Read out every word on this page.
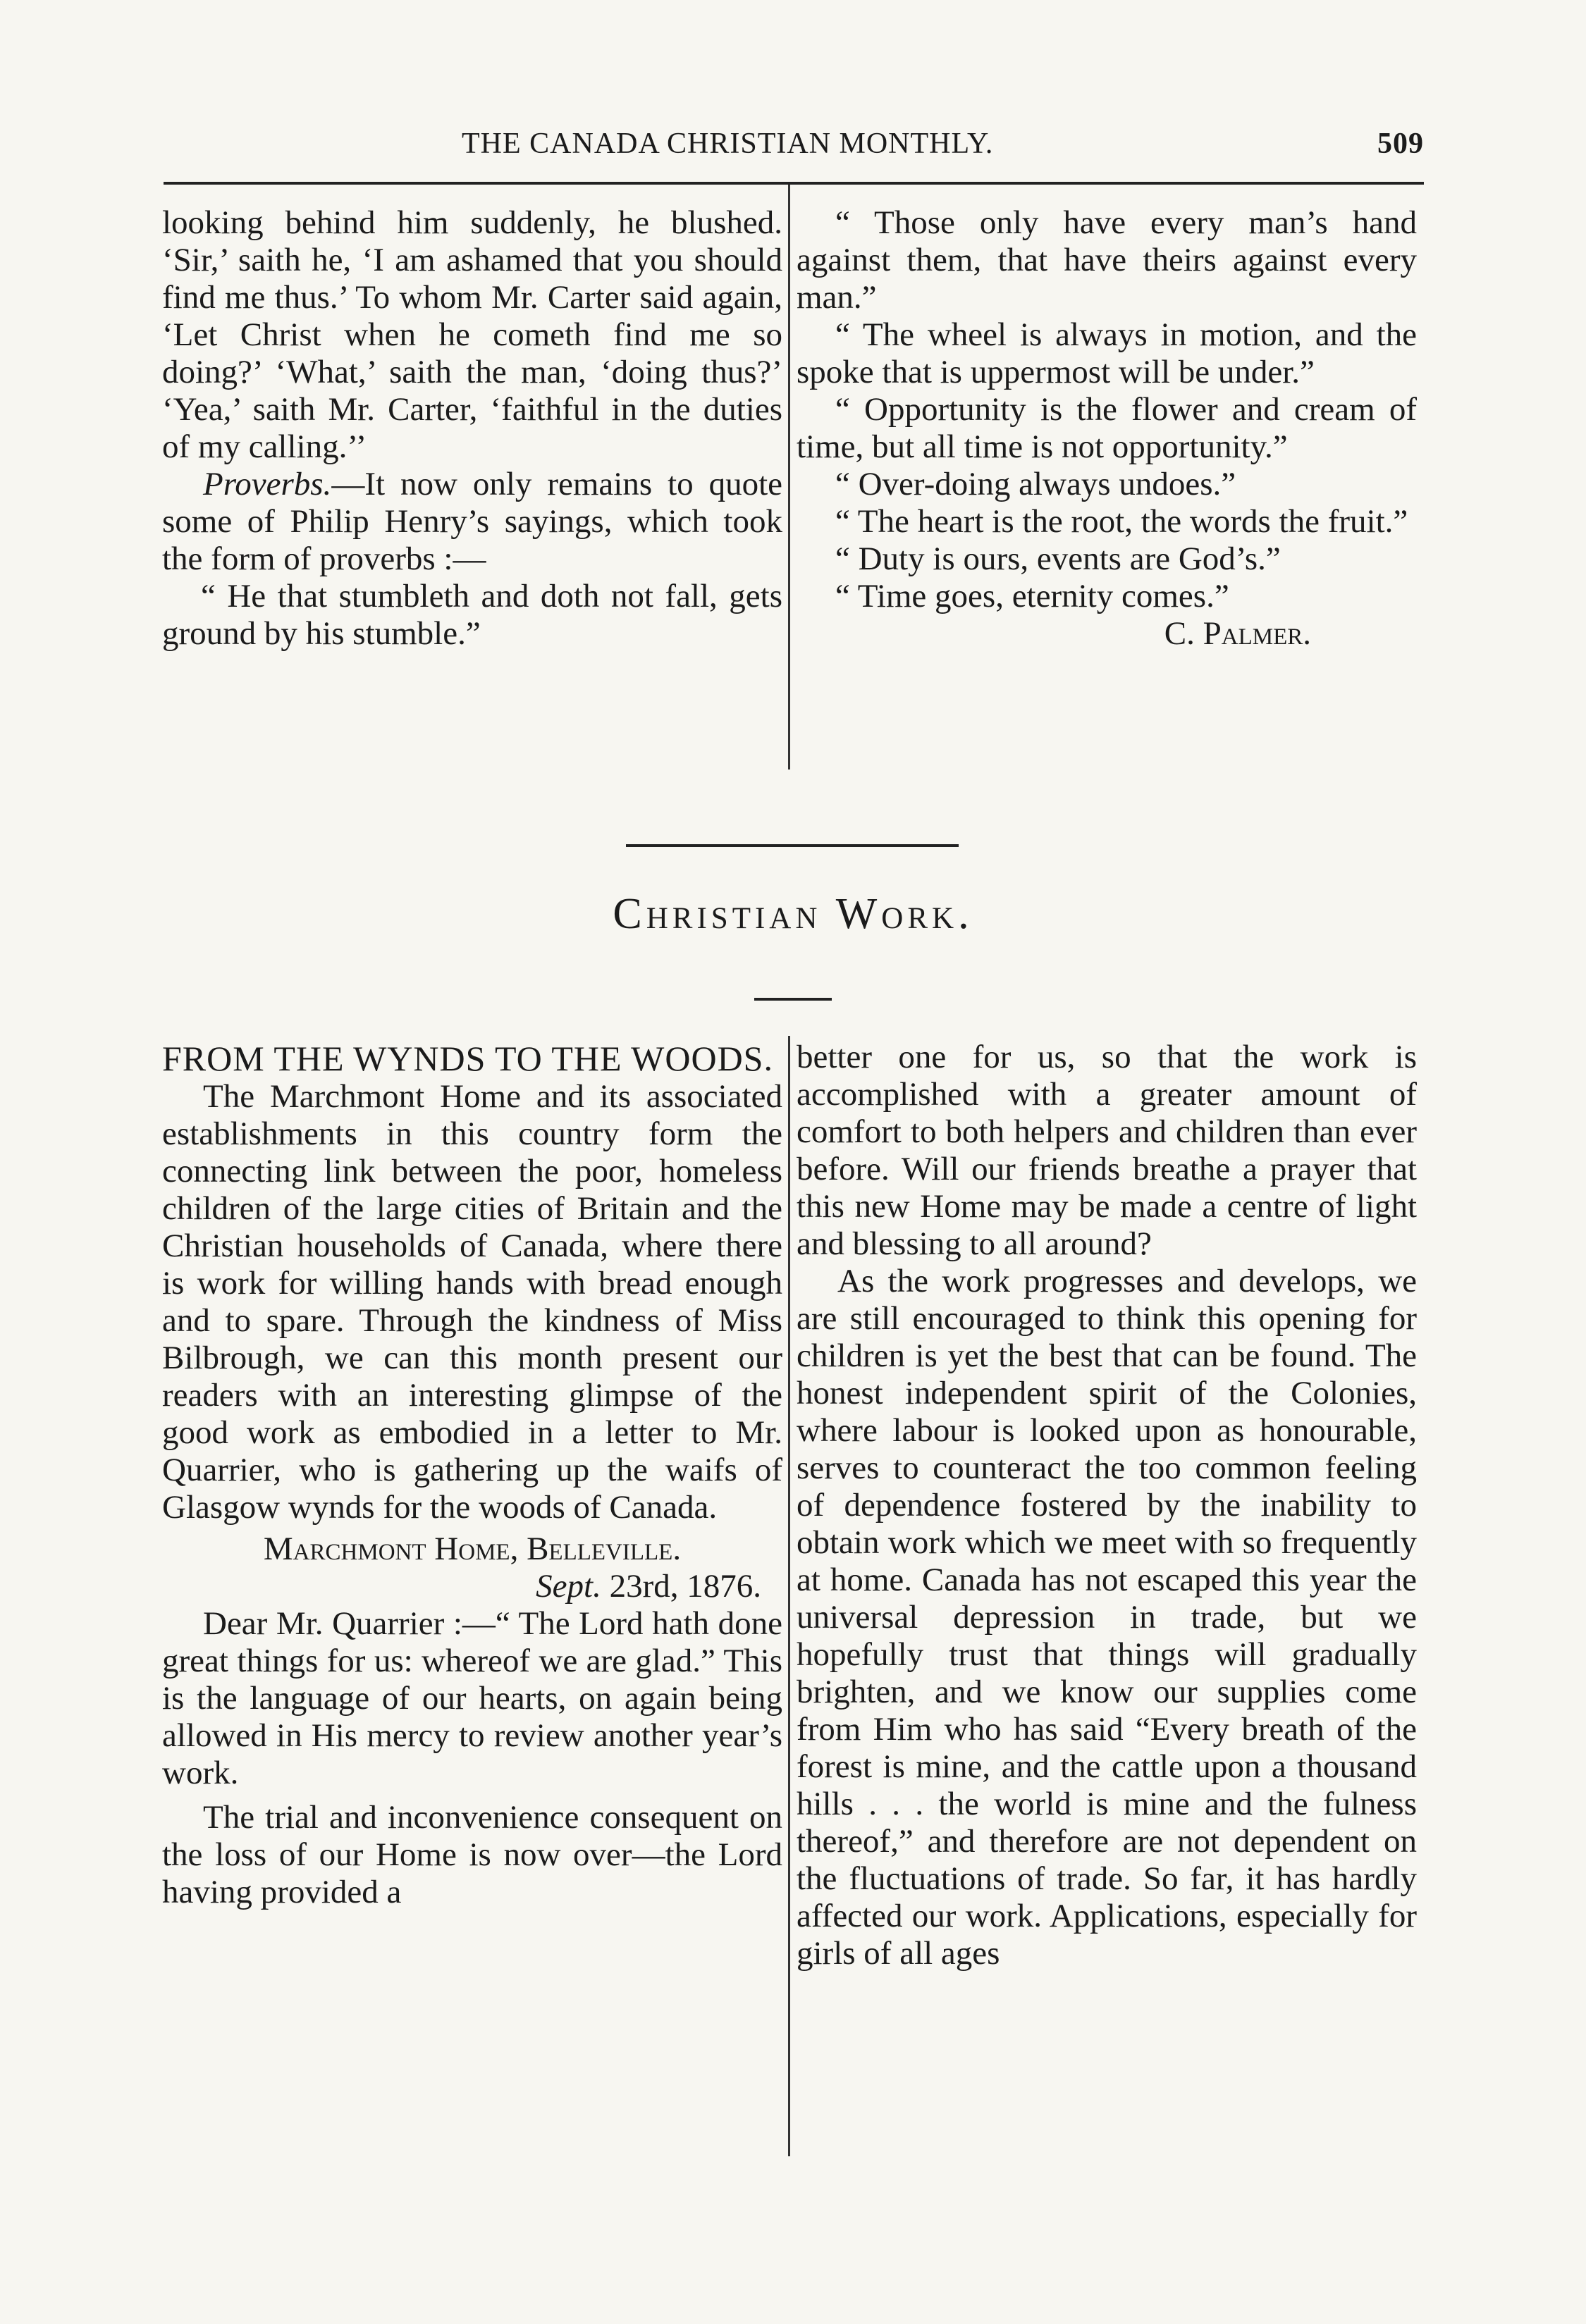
THE CANADA CHRISTIAN MONTHLY.	509

looking behind him suddenly, he blushed. ‘Sir,’ saith he, ‘I am ashamed that you should find me thus.’ To whom Mr. Carter said again, ‘Let Christ when he cometh find me so doing?’ ‘What,’ saith the man, ‘doing thus?’ ‘Yea,’ saith Mr. Carter, ‘faithful in the duties of my calling.’’

Proverbs.—It now only remains to quote some of Philip Henry’s sayings, which took the form of proverbs :—

“ He that stumbleth and doth not fall, gets ground by his stumble.”

“ Those only have every man’s hand against them, that have theirs against every man.”

“ The wheel is always in motion, and the spoke that is uppermost will be under.”

“ Opportunity is the flower and cream of time, but all time is not opportunity.”

“ Over-doing always undoes.”

“ The heart is the root, the words the fruit.”

“ Duty is ours, events are God’s.”

“ Time goes, eternity comes.”

C. Palmer.

Christian Work.

FROM THE WYNDS TO THE WOODS.

The Marchmont Home and its associated establishments in this country form the connecting link between the poor, homeless children of the large cities of Britain and the Christian households of Canada, where there is work for willing hands with bread enough and to spare. Through the kindness of Miss Bilbrough, we can this month present our readers with an interesting glimpse of the good work as embodied in a letter to Mr. Quarrier, who is gathering up the waifs of Glasgow wynds for the woods of Canada.

Marchmont Home, Belleville.

Sept. 23rd, 1876.

Dear Mr. Quarrier :—“ The Lord hath done great things for us: whereof we are glad.” This is the language of our hearts, on again being allowed in His mercy to review another year’s work.

The trial and inconvenience consequent on the loss of our Home is now over—the Lord having provided a

better one for us, so that the work is accomplished with a greater amount of comfort to both helpers and children than ever before. Will our friends breathe a prayer that this new Home may be made a centre of light and blessing to all around?

As the work progresses and develops, we are still encouraged to think this opening for children is yet the best that can be found. The honest independent spirit of the Colonies, where labour is looked upon as honourable, serves to counteract the too common feeling of dependence fostered by the inability to obtain work which we meet with so frequently at home. Canada has not escaped this year the universal depression in trade, but we hopefully trust that things will gradually brighten, and we know our supplies come from Him who has said “Every breath of the forest is mine, and the cattle upon a thousand hills . . . the world is mine and the fulness thereof,” and therefore are not dependent on the fluctuations of trade. So far, it has hardly affected our work. Applications, especially for girls of all ages
